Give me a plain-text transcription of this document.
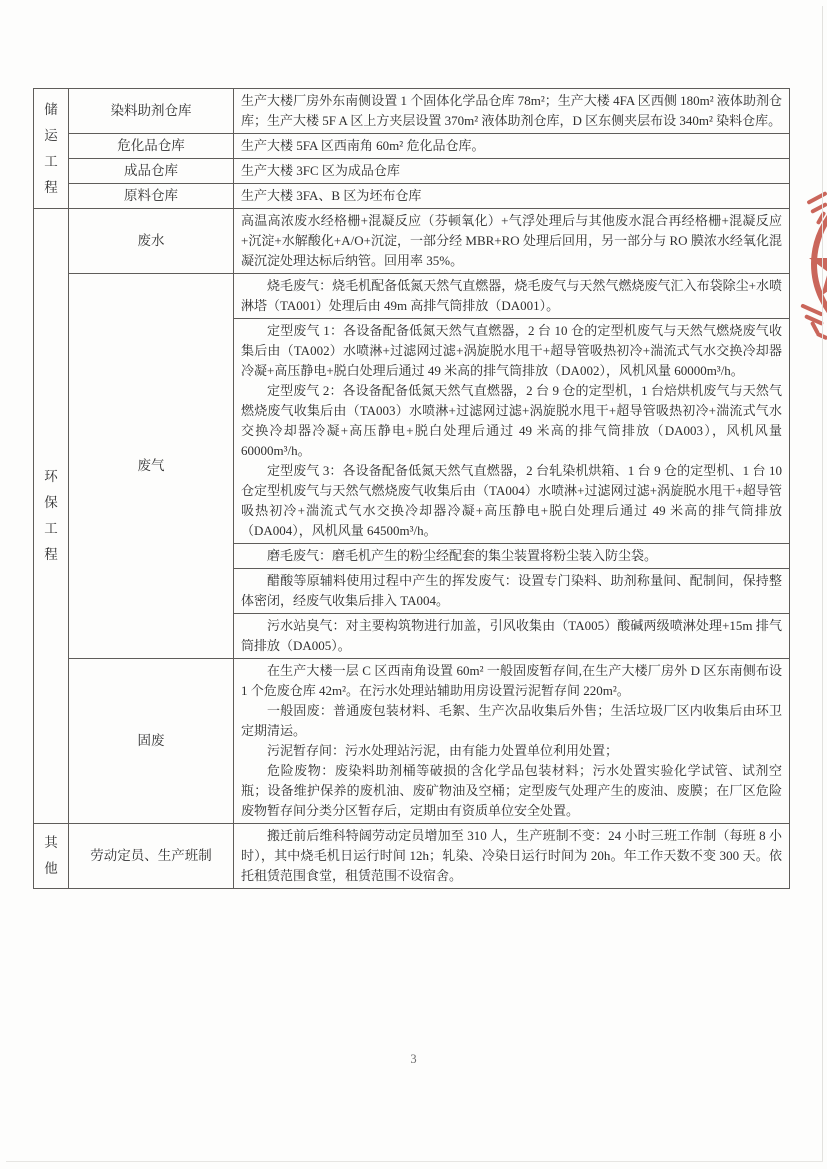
储运工程	染料助剂仓库	生产大楼厂房外东南侧设置 1 个固体化学品仓库 78m²；生产大楼 4FA 区西侧 180m² 液体助剂仓库；生产大楼 5F A 区上方夹层设置 370m² 液体助剂仓库，D 区东侧夹层布设 340m² 染料仓库。

	危化品仓库	生产大楼 5FA 区西南角 60m² 危化品仓库。

	成品仓库	生产大楼 3FC 区为成品仓库

	原料仓库	生产大楼 3FA、B 区为坯布仓库

环保工程	废水	高温高浓废水经格栅+混凝反应（芬顿氧化）+气浮处理后与其他废水混合再经格栅+混凝反应+沉淀+水解酸化+A/O+沉淀，一部分经 MBR+RO 处理后回用，另一部分与 RO 膜浓水经氧化混凝沉淀处理达标后纳管。回用率 35%。

	废气	烧毛废气：烧毛机配备低氮天然气直燃器，烧毛废气与天然气燃烧废气汇入布袋除尘+水喷淋塔（TA001）处理后由 49m 高排气筒排放（DA001）。

		定型废气 1：各设备配备低氮天然气直燃器，2 台 10 仓的定型机废气与天然气燃烧废气收集后由（TA002）水喷淋+过滤网过滤+涡旋脱水甩干+超导管吸热初冷+湍流式气水交换冷却器冷凝+高压静电+脱白处理后通过 49 米高的排气筒排放（DA002），风机风量 60000m³/h。

定型废气 2：各设备配备低氮天然气直燃器，2 台 9 仓的定型机，1 台焙烘机废气与天然气燃烧废气收集后由（TA003）水喷淋+过滤网过滤+涡旋脱水甩干+超导管吸热初冷+湍流式气水交换冷却器冷凝+高压静电+脱白处理后通过 49 米高的排气筒排放（DA003），风机风量 60000m³/h。

定型废气 3：各设备配备低氮天然气直燃器，2 台轧染机烘箱、1 台 9 仓的定型机、1 台 10 仓定型机废气与天然气燃烧废气收集后由（TA004）水喷淋+过滤网过滤+涡旋脱水甩干+超导管吸热初冷+湍流式气水交换冷却器冷凝+高压静电+脱白处理后通过 49 米高的排气筒排放（DA004），风机风量 64500m³/h。

		磨毛废气：磨毛机产生的粉尘经配套的集尘装置将粉尘装入防尘袋。

		醋酸等原辅料使用过程中产生的挥发废气：设置专门染料、助剂称量间、配制间，保持整体密闭，经废气收集后排入 TA004。

		污水站臭气：对主要构筑物进行加盖，引风收集由（TA005）酸碱两级喷淋处理+15m 排气筒排放（DA005）。

	固废	在生产大楼一层 C 区西南角设置 60m² 一般固废暂存间,在生产大楼厂房外 D 区东南侧布设 1 个危废仓库 42m²。在污水处理站辅助用房设置污泥暂存间 220m²。

一般固废：普通废包装材料、毛絮、生产次品收集后外售；生活垃圾厂区内收集后由环卫定期清运。

污泥暂存间：污水处理站污泥，由有能力处置单位利用处置；

危险废物：废染料助剂桶等破损的含化学品包装材料；污水处置实验化学试管、试剂空瓶；设备维护保养的废机油、废矿物油及空桶；定型废气处理产生的废油、废膜；在厂区危险废物暂存间分类分区暂存后，定期由有资质单位安全处置。

其他	劳动定员、生产班制	搬迁前后维科特阔劳动定员增加至 310 人，生产班制不变：24 小时三班工作制（每班 8 小时），其中烧毛机日运行时间 12h；轧染、冷染日运行时间为 20h。年工作天数不变 300 天。依托租赁范围食堂，租赁范围不设宿舍。

3
